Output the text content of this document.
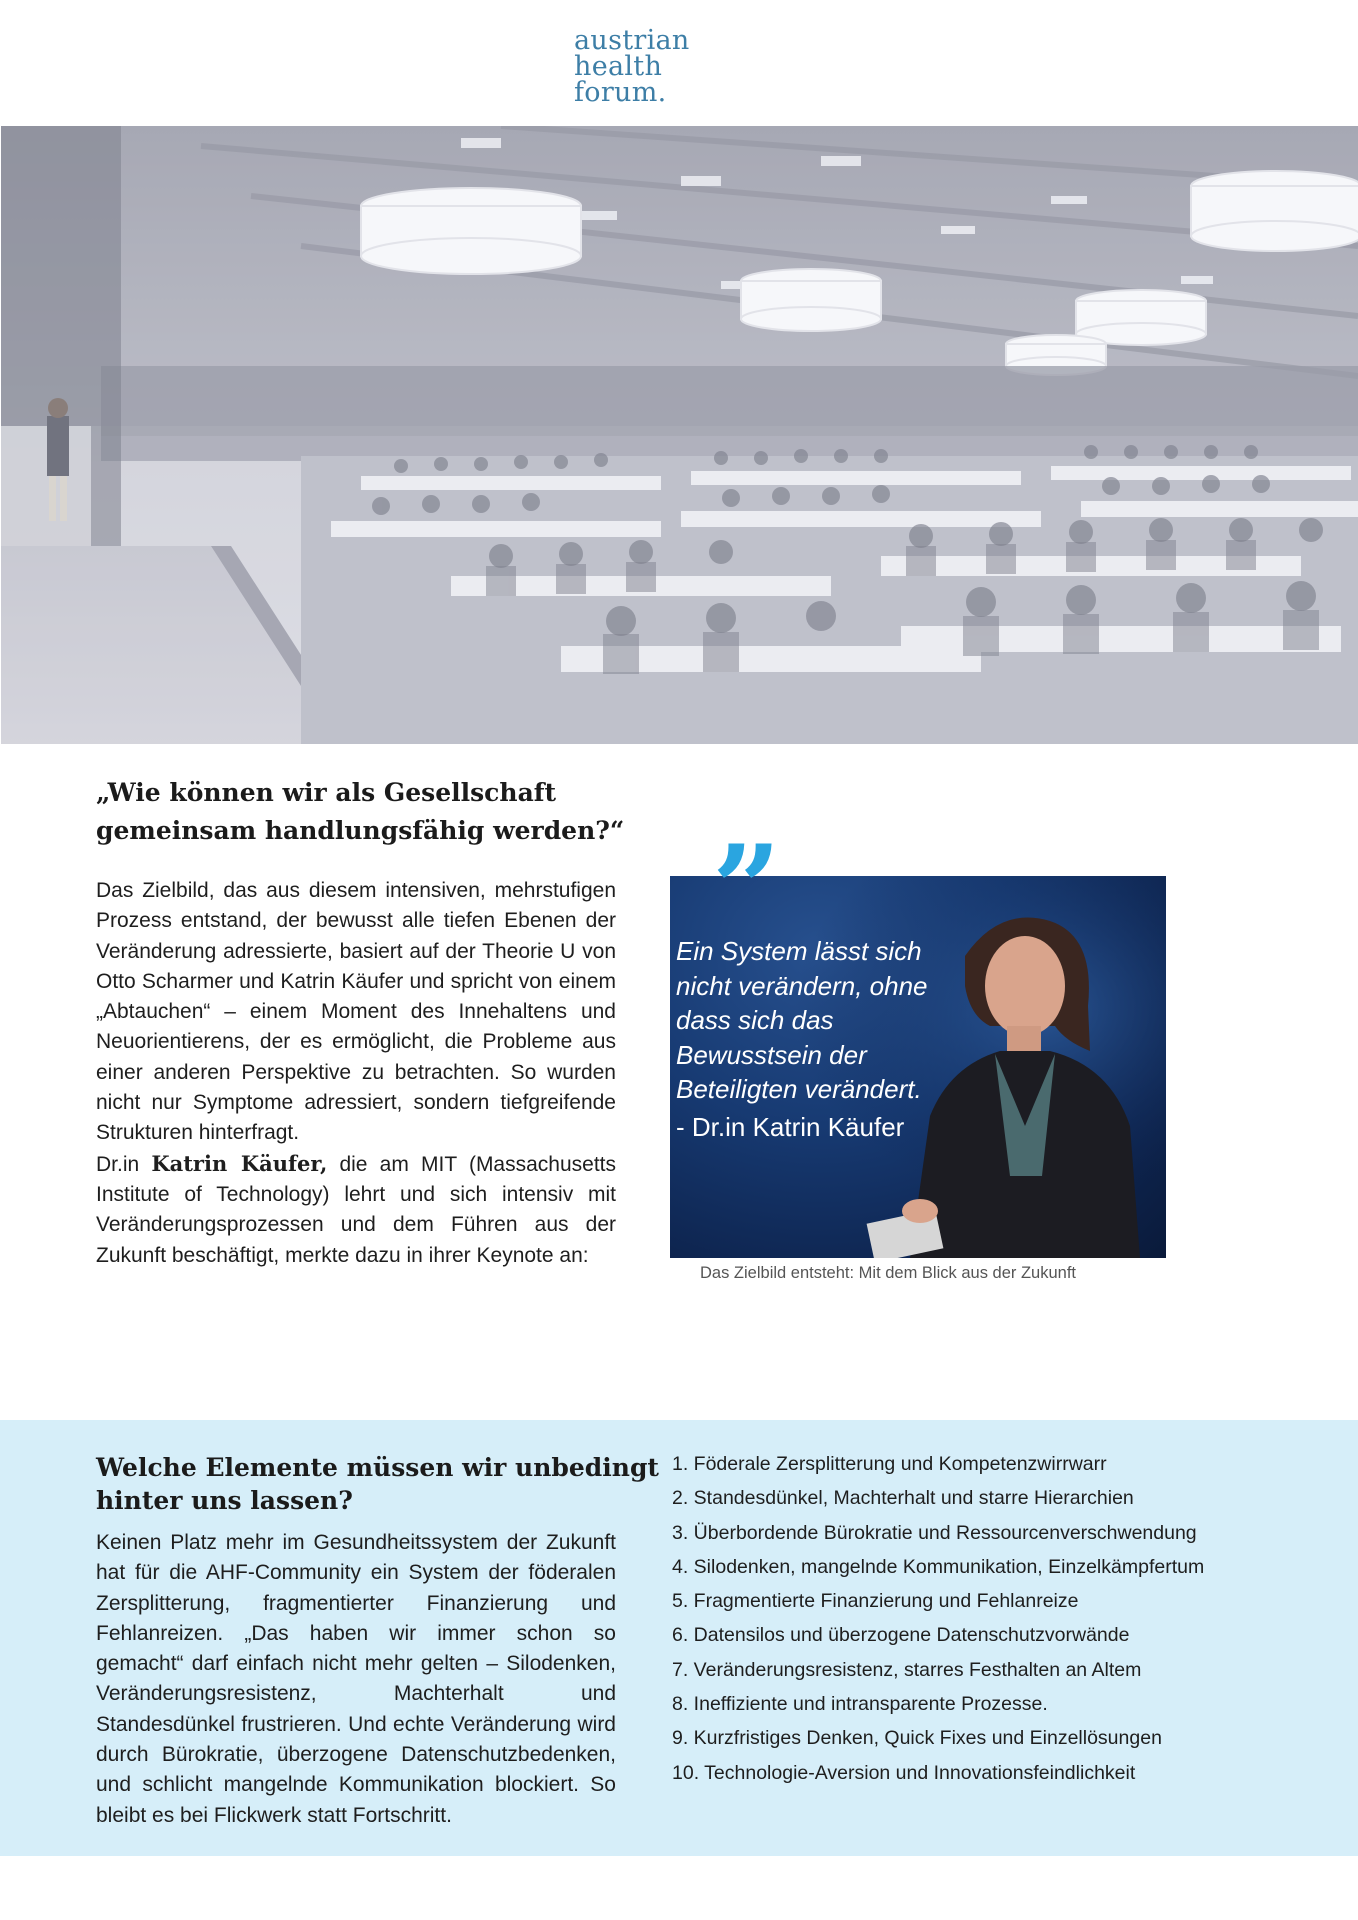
austrian
health
forum.
„Wie können wir als Gesellschaft
gemeinsam handlungsfähig werden?“

Das Zielbild, das aus diesem intensiven, mehrstufigen Prozess entstand, der bewusst alle tiefen Ebenen der Veränderung adressierte, basiert auf der Theorie U von Otto Scharmer und Katrin Käufer und spricht von einem „Abtauchen“ – einem Moment des Innehaltens und Neuorientierens, der es ermöglicht, die Probleme aus einer anderen Perspektive zu betrachten. So wurden nicht nur Symptome adressiert, sondern tiefgreifende Strukturen hinterfragt.

Dr.in Katrin Käufer, die am MIT (Massachusetts Institute of Technology) lehrt und sich intensiv mit Veränderungsprozessen und dem Führen aus der Zukunft beschäftigt, merkte dazu in ihrer Keynote an:

”
Ein System lässt sich
nicht verändern, ohne
dass sich das
Bewusstsein der
Beteiligten verändert.
- Dr.in Katrin Käufer
Das Zielbild entsteht: Mit dem Blick aus der Zukunft
Welche Elemente müssen wir unbedingt
hinter uns lassen?

Keinen Platz mehr im Gesundheitssystem der Zukunft hat für die AHF-Community ein System der föderalen Zersplitterung, fragmentierter Finanzierung und Fehlanreizen. „Das haben wir immer schon so gemacht“ darf einfach nicht mehr gelten – Silodenken, Veränderungsresistenz, Machterhalt und Standesdünkel frustrieren. Und echte Veränderung wird durch Bürokratie, überzogene Datenschutzbedenken, und schlicht mangelnde Kommunikation blockiert. So bleibt es bei Flickwerk statt Fortschritt.

1. Föderale Zersplitterung und Kompetenzwirrwarr
2. Standesdünkel, Machterhalt und starre Hierarchien
3. Überbordende Bürokratie und Ressourcenverschwendung
4. Silodenken, mangelnde Kommunikation, Einzelkämpfertum
5. Fragmentierte Finanzierung und Fehlanreize
6. Datensilos und überzogene Datenschutzvorwände
7. Veränderungsresistenz, starres Festhalten an Altem
8. Ineffiziente und intransparente Prozesse.
9. Kurzfristiges Denken, Quick Fixes und Einzellösungen
10. Technologie-Aversion und Innovationsfeindlichkeit
